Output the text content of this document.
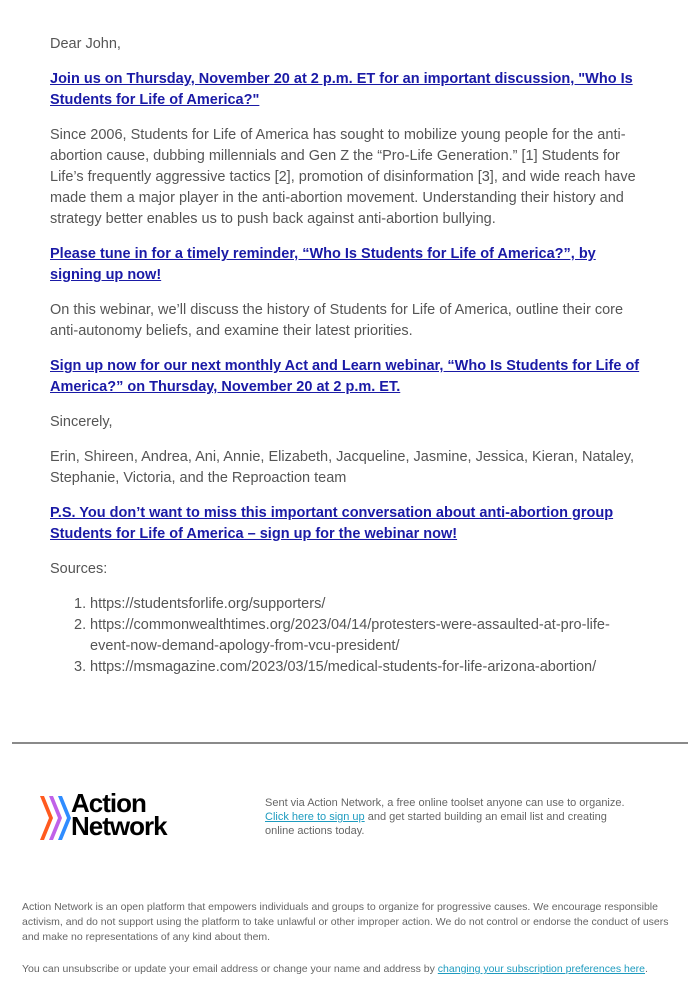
Dear John,

Join us on Thursday, November 20 at 2 p.m. ET for an important discussion, "Who Is Students for Life of America?"

Since 2006, Students for Life of America has sought to mobilize young people for the anti-abortion cause, dubbing millennials and Gen Z the “Pro-Life Generation.” [1] Students for Life’s frequently aggressive tactics [2], promotion of disinformation [3], and wide reach have made them a major player in the anti-abortion movement. Understanding their history and strategy better enables us to push back against anti-abortion bullying.

Please tune in for a timely reminder, “Who Is Students for Life of America?”, by signing up now!

On this webinar, we’ll discuss the history of Students for Life of America, outline their core anti-autonomy beliefs, and examine their latest priorities.

Sign up now for our next monthly Act and Learn webinar, “Who Is Students for Life of America?” on Thursday, November 20 at 2 p.m. ET.

Sincerely,

Erin, Shireen, Andrea, Ani, Annie, Elizabeth, Jacqueline, Jasmine, Jessica, Kieran, Nataley, Stephanie, Victoria, and the Reproaction team

P.S. You don’t want to miss this important conversation about anti-abortion group Students for Life of America – sign up for the webinar now!

Sources:

1. https://studentsforlife.org/supporters/
2. https://commonwealthtimes.org/2023/04/14/protesters-were-assaulted-at-pro-life-event-now-demand-apology-from-vcu-president/
3. https://msmagazine.com/2023/03/15/medical-students-for-life-arizona-abortion/
Action
Network
Sent via Action Network, a free online toolset anyone can use to organize.
Click here to sign up and get started building an email list and creating online actions today.
Action Network is an open platform that empowers individuals and groups to organize for progressive causes. We encourage responsible activism, and do not support using the platform to take unlawful or other improper action. We do not control or endorse the conduct of users and make no representations of any kind about them.
You can unsubscribe or update your email address or change your name and address by changing your subscription preferences here.
